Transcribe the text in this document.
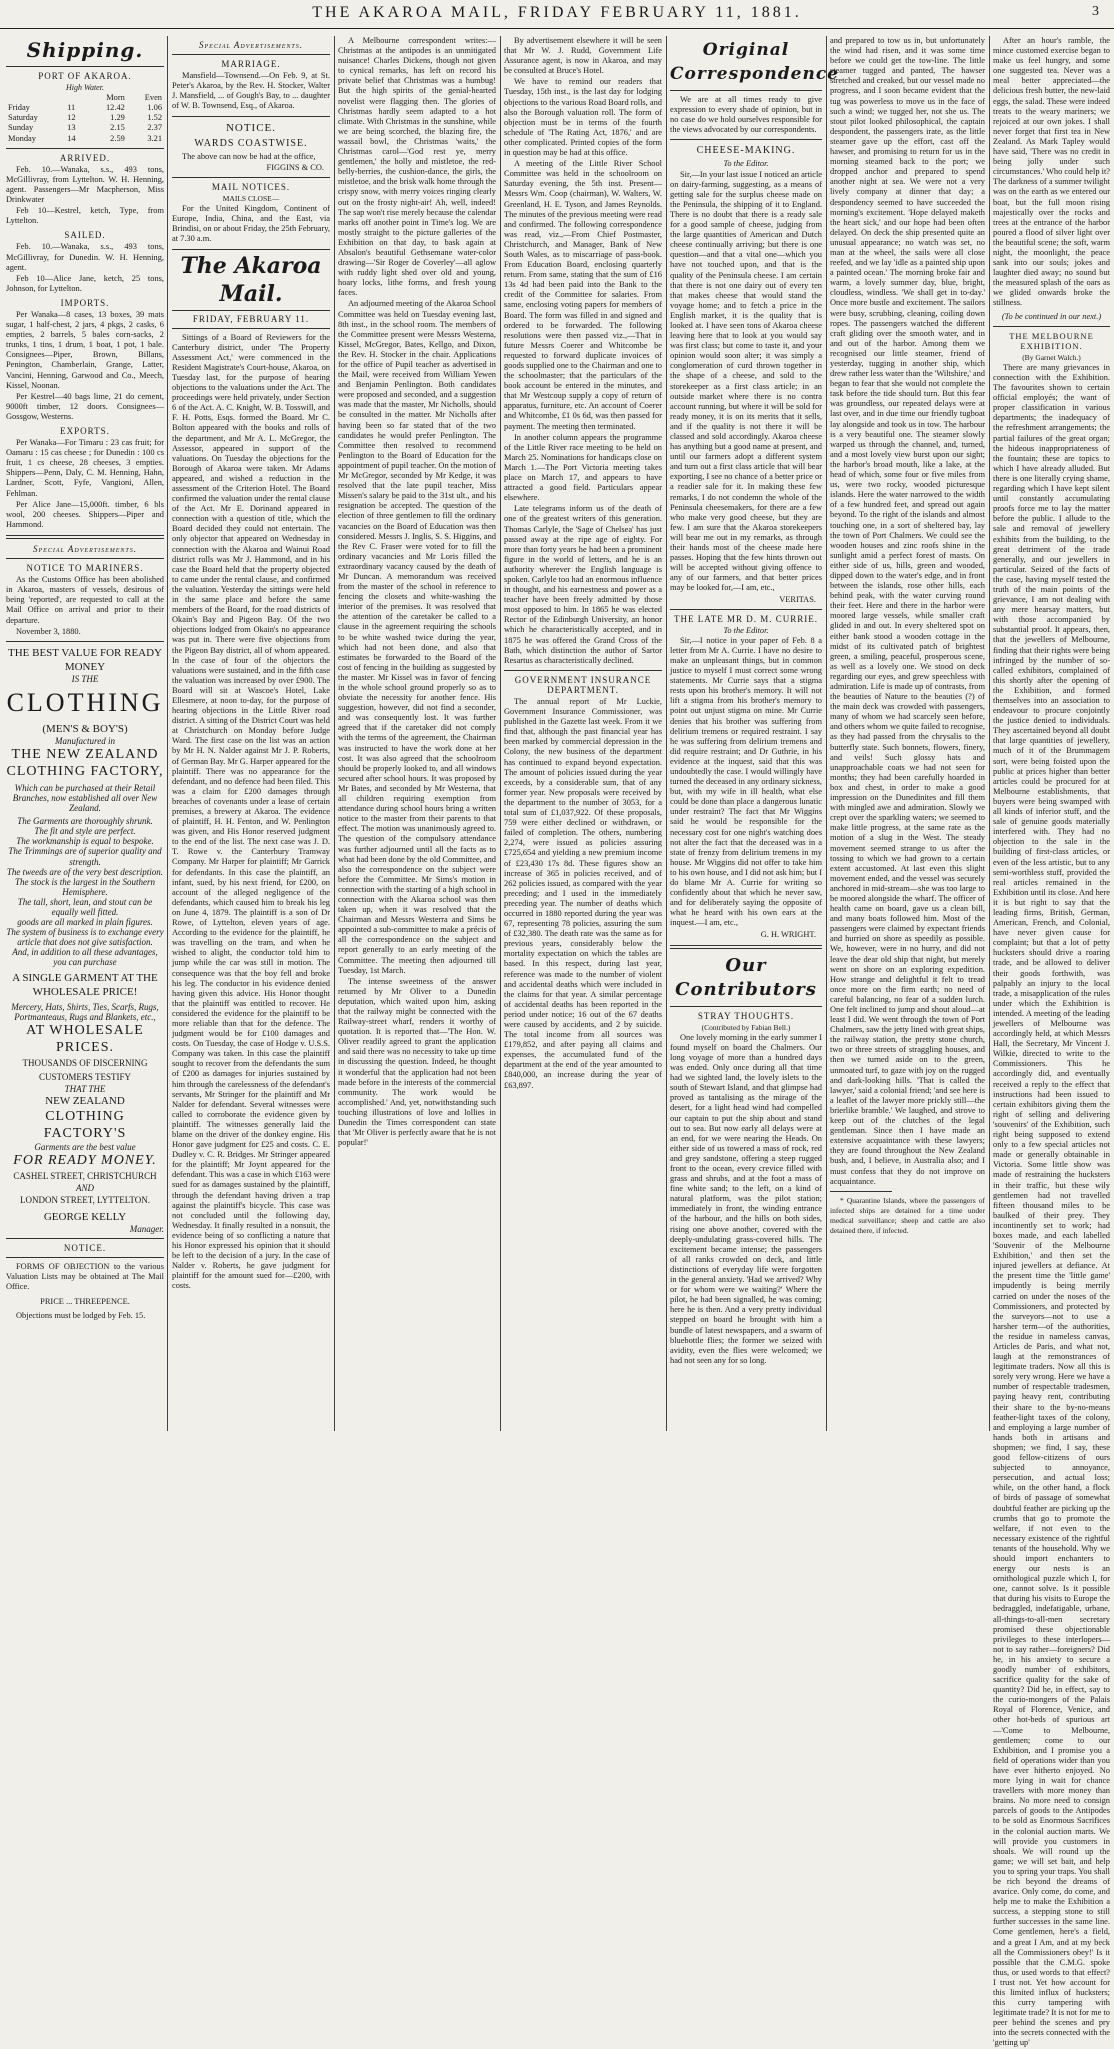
THE AKAROA MAIL, FRIDAY FEBRUARY 11, 1881.	3
Shipping.
PORT OF AKAROA.
High Water.
		Morn	Even
Friday	11	12.42	1.06
Saturday	12	1.29	1.52
Sunday	13	2.15	2.37
Monday	14	2.59	3.21
ARRIVED.

Feb. 10.—Wanaka, s.s., 493 tons, McGillivray, from Lyttelton. W. H. Henning, agent. Passengers—Mr Macpherson, Miss Drinkwater

Feb 10—Kestrel, ketch, Type, from Lyttelton.

SAILED.

Feb. 10.—Wanaka, s.s., 493 tons, McGillivray, for Dunedin. W. H. Henning, agent.

Feb 10—Alice Jane, ketch, 25 tons, Johnson, for Lyttelton.

IMPORTS.

Per Wanaka—8 cases, 13 boxes, 39 mats sugar, 1 half-chest, 2 jars, 4 pkgs, 2 casks, 6 empties, 2 barrels, 5 bales corn-sacks, 2 trunks, 1 tins, 1 drum, 1 boat, 1 pot, 1 bale. Consignees—Piper, Brown, Billans, Penington, Chamberlain, Grange, Latter, Vancini, Henning, Garwood and Co., Meech, Kissel, Noonan.

Per Kestrel—40 bags lime, 21 do cement, 9000ft timber, 12 doors. Consignees—Gossgow, Westerns.

EXPORTS.

Per Wanaka—For Timaru : 23 cas fruit; for Oamaru : 15 cas cheese ; for Dunedin : 100 cs fruit, 1 cs cheese, 28 cheeses, 3 empties. Shippers—Penn, Daly, C. M. Henning, Hahn, Lardner, Scott, Fyfe, Vangioni, Allen, Fehlman.

Per Alice Jane—15,000ft. timber, 6 bls wool, 200 cheeses. Shippers—Piper and Hammond.

Special Advertisements.
NOTICE TO MARINERS.

As the Customs Office has been abolished in Akaroa, masters of vessels, desirous of being 'reported', are requested to call at the Mail Office on arrival and prior to their departure.

November 3, 1880.

THE BEST VALUE FOR READY MONEY
IS THE
CLOTHING
(MEN'S & BOY'S)
Manufactured in
THE NEW ZEALAND
CLOTHING FACTORY,
Which can be purchased at their Retail Branches, now established all over New Zealand.
The Garments are thoroughly shrunk.
The fit and style are perfect.
The workmanship is equal to bespoke.
The Trimmings are of superior quality and strength.
The tweeds are of the very best description.
The stock is the largest in the Southern Hemisphere.
The tall, short, lean, and stout can be equally well fitted.
goods are all marked in plain figures.
The system of business is to exchange every article that does not give satisfaction.
And, in addition to all these advantages, you can purchase
A SINGLE GARMENT AT THE WHOLESALE PRICE!
Mercery, Hats, Shirts, Ties, Scarfs, Rugs, Portmanteaus, Rugs and Blankets, etc.,
AT WHOLESALE PRICES.
THOUSANDS OF DISCERNING CUSTOMERS TESTIFY
THAT THE
NEW ZEALAND
CLOTHING FACTORY'S
Garments are the best value
FOR READY MONEY.
CASHEL STREET, CHRISTCHURCH
AND
LONDON STREET, LYTTELTON.
GEORGE KELLY
Manager.
NOTICE.

FORMS OF OBJECTION to the various Valuation Lists may be obtained at The Mail Office.

PRICE ... THREEPENCE.

Objections must be lodged by Feb. 15.

Special Advertisements.
MARRIAGE.

Mansfield—Townsend.—On Feb. 9, at St. Peter's Akaroa, by the Rev. H. Stocker, Walter J. Mansfield, ... of Gough's Bay, to ... daughter of W. B. Townsend, Esq., of Akaroa.

NOTICE.
WARDS COASTWISE.

The above can now be had at the office,

FIGGINS & CO.
MAIL NOTICES.
MAILS CLOSE—

For the United Kingdom, Continent of Europe, India, China, and the East, via Brindisi, on or about Friday, the 25th February, at 7.30 a.m.

The Akaroa Mail.
FRIDAY, FEBRUARY 11.

Sittings of a Board of Reviewers for the Canterbury district, under 'The Property Assessment Act,' were commenced in the Resident Magistrate's Court-house, Akaroa, on Tuesday last, for the purpose of hearing objections to the valuations under the Act. The proceedings were held privately, under Section 6 of the Act. A. C. Knight, W. B. Tosswill, and F. H. Potts, Esqs. formed the Board. Mr C. Bolton appeared with the books and rolls of the department, and Mr A. L. McGregor, the Assessor, appeared in support of the valuations. On Tuesday the objections for the Borough of Akaroa were taken. Mr Adams appeared, and wished a reduction in the assessment of the Criterion Hotel. The Board confirmed the valuation under the rental clause of the Act. Mr E. Dorinand appeared in connection with a question of title, which the Board decided they could not entertain. The only objector that appeared on Wednesday in connection with the Akaroa and Wainui Road district rolls was Mr J. Hammond, and in his case the Board held that the property objected to came under the rental clause, and confirmed the valuation. Yesterday the sittings were held in the same place and before the same members of the Board, for the road districts of Okain's Bay and Pigeon Bay. Of the two objections lodged from Okain's no appearance was put in. There were five objections from the Pigeon Bay district, all of whom appeared. In the case of four of the objectors the valuations were sustained, and in the fifth case the valuation was increased by over £900. The Board will sit at Wascoe's Hotel, Lake Ellesmere, at noon to-day, for the purpose of hearing objections in the Little River road district. A sitting of the District Court was held at Christchurch on Monday before Judge Ward. The first case on the list was an action by Mr H. N. Nalder against Mr J. P. Roberts, of German Bay. Mr G. Harper appeared for the plaintiff. There was no appearance for the defendant, and no defence had been filed. This was a claim for £200 damages through breaches of covenants under a lease of certain premises, a brewery at Akaroa. The evidence of plaintiff, H. H. Fenton, and W. Penlington was given, and His Honor reserved judgment to the end of the list. The next case was J. D. T. Rowe v. the Canterbury Tramway Company. Mr Harper for plaintiff; Mr Garrick for defendants. In this case the plaintiff, an infant, sued, by his next friend, for £200, on account of the alleged negligence of the defendants, which caused him to break his leg on June 4, 1879. The plaintiff is a son of Dr Rowe, of Lyttelton, eleven years of age. According to the evidence for the plaintiff, he was travelling on the tram, and when he wished to alight, the conductor told him to jump while the car was still in motion. The consequence was that the boy fell and broke his leg. The conductor in his evidence denied having given this advice. His Honor thought that the plaintiff was entitled to recover. He considered the evidence for the plaintiff to be more reliable than that for the defence. The judgment would be for £100 damages and costs. On Tuesday, the case of Hodge v. U.S.S. Company was taken. In this case the plaintiff sought to recover from the defendants the sum of £200 as damages for injuries sustained by him through the carelessness of the defendant's servants, Mr Stringer for the plaintiff and Mr Nalder for defendant. Several witnesses were called to corroborate the evidence given by plaintiff. The witnesses generally laid the blame on the driver of the donkey engine. His Honor gave judgment for £25 and costs. C. E. Dudley v. C. R. Bridges. Mr Stringer appeared for the plaintiff; Mr Joynt appeared for the defendant. This was a case in which £163 were sued for as damages sustained by the plaintiff, through the defendant having driven a trap against the plaintiff's bicycle. This case was not concluded until the following day, Wednesday. It finally resulted in a nonsuit, the evidence being of so conflicting a nature that his Honor expressed his opinion that it should be left to the decision of a jury. In the case of Nalder v. Roberts, he gave judgment for plaintiff for the amount sued for—£200, with costs.

A Melbourne correspondent writes:—Christmas at the antipodes is an unmitigated nuisance! Charles Dickens, though not given to cynical remarks, has left on record his private belief that Christmas was a humbug! But the high spirits of the genial-hearted novelist were flagging then. The glories of Christmas hardly seem adapted to a hot climate. With Christmas in the sunshine, while we are being scorched, the blazing fire, the wassail bowl, the Christmas 'waits,' the Christmas carol—'God rest ye, merry gentlemen,' the holly and mistletoe, the red-belly-berries, the cushion-dance, the girls, the mistletoe, and the brisk walk home through the crispy snow, with merry voices ringing clearly out on the frosty night-air! Ah, well, indeed! The sap won't rise merely because the calendar marks off another point in Time's log. We are mostly straight to the picture galleries of the Exhibition on that day, to bask again at Absalon's beautiful Gethsemane water-color drawing—'Sir Roger de Coverley'—all aglow with ruddy light shed over old and young, hoary locks, lithe forms, and fresh young faces.

An adjourned meeting of the Akaroa School Committee was held on Tuesday evening last, 8th inst., in the school room. The members of the Committee present were Messrs Westerna, Kissel, McGregor, Bates, Kellgo, and Dixon, the Rev. H. Stocker in the chair. Applications for the office of Pupil teacher as advertised in the Mail, were received from William Yewen and Benjamin Penlington. Both candidates were proposed and seconded, and a suggestion was made that the master, Mr Nicholls, should be consulted in the matter. Mr Nicholls after having been so far stated that of the two candidates he would prefer Penlington. The Committee then resolved to recommend Penlington to the Board of Education for the appointment of pupil teacher. On the motion of Mr McGregor, seconded by Mr Kedge, it was resolved that the late pupil teacher, Miss Missen's salary be paid to the 31st ult., and his resignation be accepted. The question of the election of three gentlemen to fill the ordinary vacancies on the Board of Education was then considered. Messrs J. Inglis, S. S. Higgins, and the Rev C. Fraser were voted for to fill the ordinary vacancies and Mr Loris filled the extraordinary vacancy caused by the death of Mr Duncan. A memorandum was received from the master of the school in reference to fencing the closets and white-washing the interior of the premises. It was resolved that the attention of the caretaker be called to a clause in the agreement requiring the schools to be white washed twice during the year, which had not been done, and also that estimates be forwarded to the Board of the cost of fencing in the building as suggested by the master. Mr Kissel was in favor of fencing in the whole school ground properly so as to obviate the necessity for another fence. His suggestion, however, did not find a seconder, and was consequently lost. It was further agreed that if the caretaker did not comply with the terms of the agreement, the Chairman was instructed to have the work done at her cost. It was also agreed that the schoolroom should be properly looked to, and all windows secured after school hours. It was proposed by Mr Bates, and seconded by Mr Westerna, that all children requiring exemption from attendance during school hours bring a written notice to the master from their parents to that effect. The motion was unanimously agreed to. The question of the compulsory attendance was further adjourned until all the facts as to what had been done by the old Committee, and also the correspondence on the subject were before the Committee. Mr Sims's motion in connection with the starting of a high school in connection with the Akaroa school was then taken up, when it was resolved that the Chairman and Messrs Westerra and Sims be appointed a sub-committee to make a précis of all the correspondence on the subject and report generally to an early meeting of the Committee. The meeting then adjourned till Tuesday, 1st March.

The intense sweetness of the answer returned by Mr Oliver to a Dunedin deputation, which waited upon him, asking that the railway might be connected with the Railway-street wharf, renders it worthy of quotation. It is reported that—'The Hon. W. Oliver readily agreed to grant the application and said there was no necessity to take up time in discussing the question. Indeed, he thought it wonderful that the application had not been made before in the interests of the commercial community. The work would be accomplished.' And, yet, notwithstanding such touching illustrations of love and lollies in Dunedin the Times correspondent can state that 'Mr Oliver is perfectly aware that he is not popular!'

By advertisement elsewhere it will be seen that Mr W. J. Rudd, Government Life Assurance agent, is now in Akaroa, and may be consulted at Bruce's Hotel.

We have to remind our readers that Tuesday, 15th inst., is the last day for lodging objections to the various Road Board rolls, and also the Borough valuation roll. The form of objection must be in terms of the fourth schedule of 'The Rating Act, 1876,' and are other complicated. Printed copies of the form in question may be had at this office.

A meeting of the Little River School Committee was held in the schoolroom on Saturday evening, the 5th inst. Present—Messrs Wm. Coop (chairman), W. Walters, W. Greenland, H. E. Tyson, and James Reynolds. The minutes of the previous meeting were read and confirmed. The following correspondence was read, viz.,—From Chief Postmaster, Christchurch, and Manager, Bank of New South Wales, as to miscarriage of pass-book. From Education Board, enclosing quarterly return. From same, stating that the sum of £16 13s 4d had been paid into the Bank to the credit of the Committee for salaries. From same, enclosing voting papers for members of Board. The form was filled in and signed and ordered to be forwarded. The following resolutions were then passed viz.,—That in future Messrs Coerer and Whitcombe be requested to forward duplicate invoices of goods supplied one to the Chairman and one to the schoolmaster; that the particulars of the book account be entered in the minutes, and that Mr Westcoup supply a copy of return of apparatus, furniture, etc. An account of Coerer and Whitcombe, £1 0s 6d, was then passed for payment. The meeting then terminated.

In another column appears the programme of the Little River race meeting to be held on March 25. Nominations for handicaps close on March 1.—The Port Victoria meeting takes place on March 17, and appears to have attracted a good field. Particulars appear elsewhere.

Late telegrams inform us of the death of one of the greatest writers of this generation. Thomas Carlyle, the 'Sage of Chelsea' has just passed away at the ripe age of eighty. For more than forty years he had been a prominent figure in the world of letters, and he is an authority wherever the English language is spoken. Carlyle too had an enormous influence in thought, and his earnestness and power as a teacher have been freely admitted by those most opposed to him. In 1865 he was elected Rector of the Edinburgh University, an honor which he characteristically accepted, and in 1875 he was offered the Grand Cross of the Bath, which distinction the author of Sartor Resartus as characteristically declined.

GOVERNMENT INSURANCE DEPARTMENT.

The annual report of Mr Luckie, Government Insurance Commissioner, was published in the Gazette last week. From it we find that, although the past financial year has been marked by commercial depression in the Colony, the new business of the department has continued to expand beyond expectation. The amount of policies issued during the year exceeds, by a considerable sum, that of any former year. New proposals were received by the department to the number of 3053, for a total sum of £1,037,922. Of these proposals, 759 were either declined or withdrawn, or failed of completion. The others, numbering 2,274, were issued as policies assuring £725,654 and yielding a new premium income of £23,430 17s 8d. These figures show an increase of 365 in policies received, and of 262 policies issued, as compared with the year preceding; and I used in the immediately preceding year. The number of deaths which occurred in 1880 reported during the year was 67, representing 78 policies, assuring the sum of £32,380. The death rate was the same as for previous years, considerably below the mortality expectation on which the tables are based. In this respect, during last year, reference was made to the number of violent and accidental deaths which were included in the claims for that year. A similar percentage of accidental deaths has been reported in the period under notice; 16 out of the 67 deaths were caused by accidents, and 2 by suicide. The total income from all sources was £179,852, and after paying all claims and expenses, the accumulated fund of the department at the end of the year amounted to £840,000, an increase during the year of £63,897.

Original Correspondence

We are at all times ready to give expression to every shade of opinion, but in no case do we hold ourselves responsible for the views advocated by our correspondents.

CHEESE-MAKING.
To the Editor.

Sir,—In your last issue I noticed an article on dairy-farming, suggesting, as a means of getting sale for the surplus cheese made on the Peninsula, the shipping of it to England. There is no doubt that there is a ready sale for a good sample of cheese, judging from the large quantities of American and Dutch cheese continually arriving; but there is one question—and that a vital one—which you have not touched upon, and that is the quality of the Peninsula cheese. I am certain that there is not one dairy out of every ten that makes cheese that would stand the voyage home; and to fetch a price in the English market, it is the quality that is looked at. I have seen tons of Akaroa cheese leaving here that to look at you would say was first class; but come to taste it, and your opinion would soon alter; it was simply a conglomeration of curd thrown together in the shape of a cheese, and sold to the storekeeper as a first class article; in an outside market where there is no contra account running, but where it will be sold for ready money, it is on its merits that it sells, and if the quality is not there it will be classed and sold accordingly. Akaroa cheese has anything but a good name at present, and until our farmers adopt a different system and turn out a first class article that will bear exporting, I see no chance of a better price or a readier sale for it. In making these few remarks, I do not condemn the whole of the Peninsula cheesemakers, for there are a few who make very good cheese, but they are few. I am sure that the Akaroa storekeepers will bear me out in my remarks, as through their hands most of the cheese made here passes. Hoping that the few hints thrown out will be accepted without giving offence to any of our farmers, and that better prices may be looked for,—I am, etc.,

VERITAS.
THE LATE MR D. M. CURRIE.
To the Editor.

Sir,—I notice in your paper of Feb. 8 a letter from Mr A. Currie. I have no desire to make an unpleasant things, but in common justice to myself I must correct some wrong statements. Mr Currie says that a stigma rests upon his brother's memory. It will not lift a stigma from his brother's memory to point out unjust stigma on mine. Mr Currie denies that his brother was suffering from delirium tremens or required restraint. I say he was suffering from delirium tremens and did require restraint; and Dr Guthrie, in his evidence at the inquest, said that this was undoubtedly the case. I would willingly have turned the deceased in any ordinary sickness, but, with my wife in ill health, what else could be done than place a dangerous lunatic under restraint? The fact that Mr Wiggins said he would be responsible for the necessary cost for one night's watching does not alter the fact that the deceased was in a state of frenzy from delirium tremens in my house. Mr Wiggins did not offer to take him to his own house, and I did not ask him; but I do blame Mr A. Currie for writing so confidently about that which he never saw, and for deliberately saying the opposite of what he heard with his own ears at the inquest.—I am, etc.,

G. H. WRIGHT.
Our Contributors
STRAY THOUGHTS.
(Contributed by Fabian Bell.)

One lovely morning in the early summer I found myself on board the Chalmers. Our long voyage of more than a hundred days was ended. Only once during all that time had we sighted land, the lovely islets to the south of Stewart Island, and that glimpse had proved as tantalising as the mirage of the desert, for a light head wind had compelled our captain to put the ship about and stand out to sea. But now early all delays were at an end, for we were nearing the Heads. On either side of us towered a mass of rock, red and grey sandstone, offering a steep rugged front to the ocean, every crevice filled with grass and shrubs, and at the foot a mass of fine white sand; to the left, on a kind of natural platform, was the pilot station; immediately in front, the winding entrance of the harbour, and the hills on both sides, rising one above another, covered with the deeply-undulating grass-covered hills. The excitement became intense; the passengers of all ranks crowded on deck, and little distinctions of everyday life were forgotten in the general anxiety. 'Had we arrived? Why or for whom were we waiting?' Where the pilot, he had been signalled, he was coming; here he is then. And a very pretty individual stepped on board he brought with him a bundle of latest newspapers, and a swarm of bluebottle flies; the former we seized with avidity, even the flies were welcomed; we had not seen any for so long.

and prepared to tow us in, but unfortunately the wind had risen, and it was some time before we could get the tow-line. The little steamer tugged and panted, The hawser stretched and creaked, but our vessel made no progress, and I soon became evident that the tug was powerless to move us in the face of such a wind; we tugged her, not she us. The stout pilot looked philosophical, the captain despondent, the passengers irate, as the little steamer gave up the effort, cast off the hawser, and promising to return for us in the morning steamed back to the port; we dropped anchor and prepared to spend another night at sea. We were not a very lively company at dinner that day; a despondency seemed to have succeeded the morning's excitement. 'Hope delayed maketh the heart sick,' and our hope had been often delayed. On deck the ship presented quite an unusual appearance; no watch was set, no man at the wheel, the sails were all close reefed, and we lay 'idle as a painted ship upon a painted ocean.' The morning broke fair and warm, a lovely summer day, blue, bright, cloudless, windless. 'We shall get in to-day.' Once more bustle and excitement. The sailors were busy, scrubbing, cleaning, coiling down ropes. The passengers watched the different craft gliding over the smooth water, and in and out of the harbor. Among them we recognised our little steamer, friend of yesterday, tugging in another ship, which drew rather less water than the 'Wiltshire,' and began to fear that she would not complete the task before the tide should turn. But this fear was groundless, our repeated delays were at last over, and in due time our friendly tugboat lay alongside and took us in tow. The harbour is a very beautiful one. The steamer slowly warped us through the channel, and, turned, and a most lovely view burst upon our sight; the harbor's broad mouth, like a lake, at the head of which, some four or five miles from us, were two rocky, wooded picturesque islands. Here the water narrowed to the width of a few hundred feet, and spread out again beyond. To the right of the islands and almost touching one, in a sort of sheltered bay, lay the town of Port Chalmers. We could see the wooden houses and zinc roofs shine in the sunlight amid a perfect forest of masts. On either side of us, hills, green and wooded, dipped down to the water's edge, and in front between the islands, rose other hills, each behind peak, with the water curving round their feet. Here and there in the harbor were moored large vessels, while smaller craft glided in and out. In every sheltered spot on either bank stood a wooden cottage in the midst of its cultivated patch of brightest green, a smiling, peaceful, prosperous scene, as well as a lovely one. We stood on deck regarding our eyes, and grew speechless with admiration. Life is made up of contrasts, from the beauties of Nature to the beauties (?) of the main deck was crowded with passengers, many of whom we had scarcely seen before, and others whom we quite failed to recognise, as they had passed from the chrysalis to the butterfly state. Such bonnets, flowers, finery, and veils! Such glossy hats and unapproachable coats we had not seen for months; they had been carefully hoarded in box and chest, in order to make a good impression on the Dunedinites and fill them with mingled awe and admiration. Slowly we crept over the sparkling waters; we seemed to make little progress, at the same rate as the motion of a slug in the West. The steady movement seemed strange to us after the tossing to which we had grown to a certain extent accustomed. At last even this slight movement ended, and the vessel was securely anchored in mid-stream—she was too large to be moored alongside the wharf. The officer of health came on board, gave us a clean bill, and many boats followed him. Most of the passengers were claimed by expectant friends and hurried on shore as speedily as possible. We, however, were in no hurry, and did not leave the dear old ship that night, but merely went on shore on an exploring expedition. How strange and delightful it felt to tread once more on the firm earth; no need of careful balancing, no fear of a sudden lurch. One felt inclined to jump and shout aloud—at least I did. We went through the town of Port Chalmers, saw the jetty lined with great ships, the railway station, the pretty stone church, two or three streets of straggling houses, and then we turned aside on to the green, unmoated turf, to gaze with joy on the rugged and dark-looking hills. 'That is called the lawyer,' said a colonial friend; 'and see here is a leaflet of the lawyer more prickly still—the brierlike bramble.' We laughed, and strove to keep out of the clutches of the legal gentleman. Since then I have made an extensive acquaintance with these lawyers; they are found throughout the New Zealand bush, and, I believe, in Australia also; and I must confess that they do not improve on acquaintance.

* Quarantine Islands, where the passengers of infected ships are detained for a time under medical surveillance; sheep and cattle are also detained there, if infected.

After an hour's ramble, the mince customed exercise began to make us feel hungry, and some one suggested tea. Never was a meal better appreciated—the delicious fresh butter, the new-laid eggs, the salad. These were indeed treats to the weary mariners; we rejoiced at our own jokes. I shall never forget that first tea in New Zealand. As Mark Tapley would have said, 'There was no credit in being jolly under such circumstances.' Who could help it? The darkness of a summer twilight was on the earth as we entered our boat, but the full moon rising majestically over the rocks and trees at the entrance of the harbor poured a flood of silver light over the beautiful scene; the soft, warm night, the moonlight, the peace sank into our souls; jokes and laughter died away; no sound but the measured splash of the oars as we glided onwards broke the stillness.

(To be continued in our next.)
THE MELBOURNE EXHIBITION.
(By Garnet Walch.)

There are many grievances in connection with the Exhibition. The favourites shown to certain official employés; the want of proper classification in various departments; the inadequacy of the refreshment arrangements; the partial failures of the great organ; the hideous inappropriateness of the fountain; these are topics to which I have already alluded. But there is one literally crying shame, regarding which I have kept silent until constantly accumulating proofs force me to lay the matter before the public. I allude to the sale and removal of jewellery exhibits from the building, to the great detriment of the trade generally, and our jewellers in particular. Seized of the facts of the case, having myself tested the truth of the main points of the grievance, I am not dealing with any mere hearsay matters, but with those accompanied by substantial proof. It appears, then, that the jewellers of Melbourne, finding that their rights were being infringed by the number of so-called exhibitors, complained of this shortly after the opening of the Exhibition, and formed themselves into an association to endeavour to procure conjointly the justice denied to individuals. They ascertained beyond all doubt that large quantities of jewellery, much of it of the Brummagem sort, were being foisted upon the public at prices higher than better articles could be procured for at Melbourne establishments, that buyers were being swamped with all kinds of inferior stuff, and the sale of genuine goods materially interfered with. They had no objection to the sale in the building of first-class articles, or even of the less artistic, but to any semi-worthless stuff, provided the real articles remained in the Exhibition until its close. And here it is but right to say that the leading firms, British, German, American, French, and Colonial, have never given cause for complaint; but that a lot of petty hucksters should drive a roaring trade, and be allowed to deliver their goods forthwith, was palpably an injury to the local trade, a misapplication of the rules under which the Exhibition is intended. A meeting of the leading jewellers of Melbourne was accordingly held, at which Messrs Hall, the Secretary, Mr Vincent J. Wilkie, directed to write to the Commissioners. This he accordingly did, and eventually received a reply to the effect that instructions had been issued to certain exhibitors giving them the right of selling and delivering 'souvenirs' of the Exhibition, such right being supposed to extend only to a few special articles not made or generally obtainable in Victoria. Some little show was made of restraining the hucksters in their traffic, but these wily gentlemen had not travelled fifteen thousand miles to be baulked of their prey. They incontinently set to work; had boxes made, and each labelled 'Souvenir of the Melbourne Exhibition,' and then set the injured jewellers at defiance. At the present time the 'little game' impudently is being merrily carried on under the noses of the Commissioners, and protected by the surveyors—not to use a harsher term—of the authorities, the residue in nameless canvas, Articles de Paris, and what not, laugh at the remonstrances of legitimate traders. Now all this is sorely very wrong. Here we have a number of respectable tradesmen, paying heavy rent, contributing their share to the by-no-means feather-light taxes of the colony, and employing a large number of hands both in artisans and shopmen; we find, I say, these good fellow-citizens of ours subjected to annoyance, persecution, and actual loss; while, on the other hand, a flock of birds of passage of somewhat doubtful feather are picking up the crumbs that go to promote the welfare, if not even to the necessary existence of the rightful tenants of the household. Why we should import enchanters to energy our nests is an ornithological puzzle which I, for one, cannot solve. Is it possible that during his visits to Europe the bedraggled, indefatigable, urbane, all-things-to-all-men secretary promised these objectionable privileges to these interlopers—not to say rather—foreigners? Did he, in his anxiety to secure a goodly number of exhibitors, sacrifice quality for the sake of quantity? Did he, in effect, say to the curio-mongers of the Palais Royal of Florence, Venice, and other hot-beds of spurious art—'Come to Melbourne, gentlemen; come to our Exhibition, and I promise you a field of operations wider than you have ever hitherto enjoyed. No more lying in wait for chance travellers with more money than brains. No more need to consign parcels of goods to the Antipodes to be sold as Enormous Sacrifices in the colonial auction marts. We will provide you customers in shoals. We will round up the game; we will set bait, and help you to spring your traps. You shall be rich beyond the dreams of avarice. Only come, do come, and help me to make the Exhibition a success, a stepping stone to still further successes in the same line. Come gentlemen, here's a field, and a great I Am, and at my beck all the Commissioners obey!' Is it possible that the C.M.G. spoke thus, or used words to that effect? I trust not. Yet how account for this limited influx of hucksters; this curry tampering with legitimate trade? It is not for me to peer behind the scenes and pry into the secrets connected with the 'getting up'
